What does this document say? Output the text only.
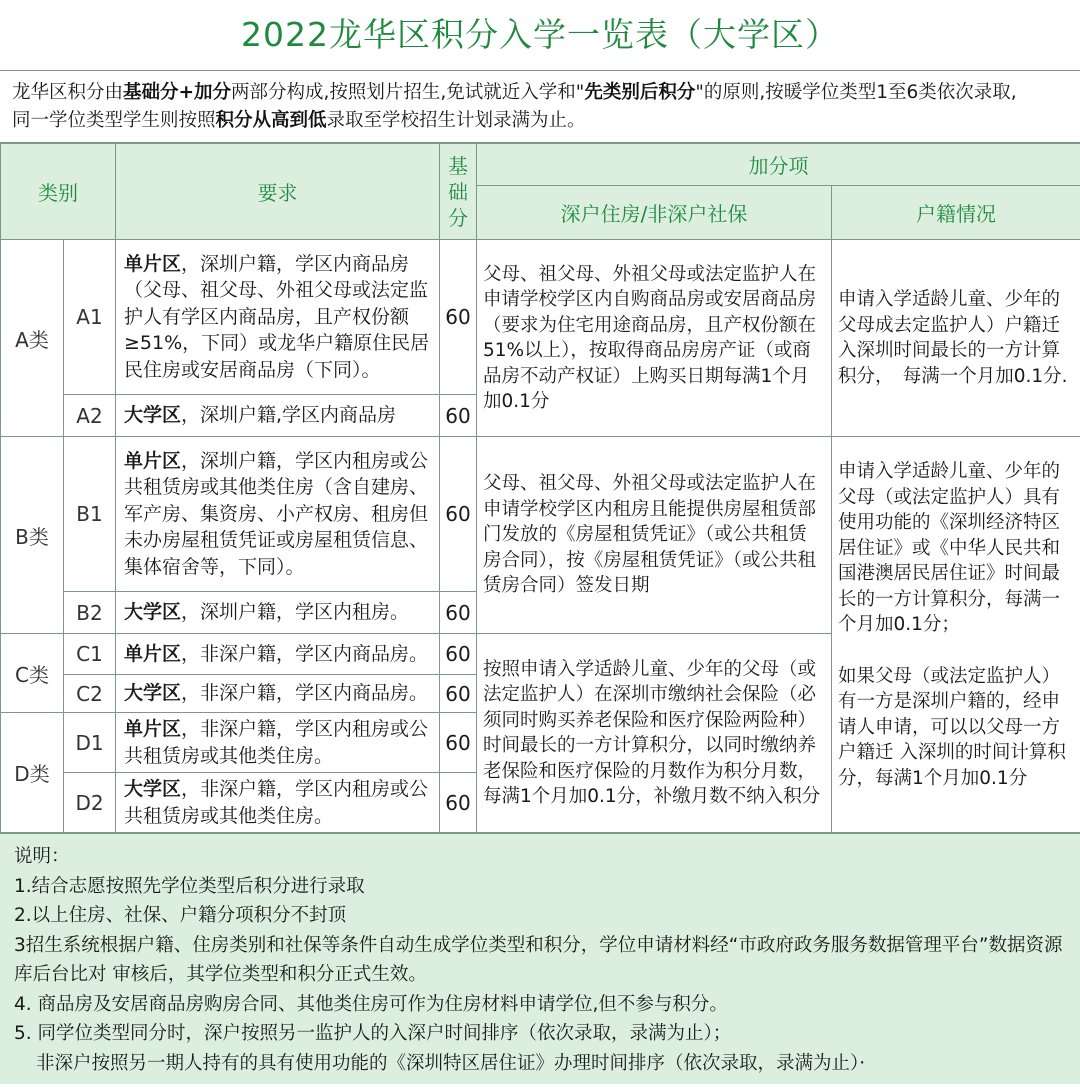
2022龙华区积分入学一览表（大学区）
龙华区积分由基础分+加分两部分构成,按照划片招生,免试就近入学和"先类别后积分"的原则,按暖学位类型1至6类依次录取,
同一学位类型学生则按照积分从高到低录取至学校招生计划录满为止。
类别		要求	基础分	加分项	
				深户住房/非深户社保	户籍情况
A类	A1	单片区，深圳户籍，学区内商品房（父母、祖父母、外祖父母或法定监护人有学区内商品房，且产权份额≥51%，下同）或龙华户籍原住民居民住房或安居商品房（下同）。	60	父母、祖父母、外祖父母或法定监护人在申请学校学区内自购商品房或安居商品房（要求为住宅用途商品房，且产权份额在51%以上），按取得商品房房产证（或商品房不动产权证）上购买日期每满1个月加0.1分	申请入学适龄儿童、少年的父母成去定监护人）户籍迁入深圳时间最长的一方计算积分，　每满一个月加0.1分.
	A2	大学区，深圳户籍,学区内商品房	60		
B类	B1	单片区，深圳户籍，学区内租房或公共租赁房或其他类住房（含自建房、军产房、集资房、小产权房、租房但未办房屋租赁凭证或房屋租赁信息、集体宿舍等，下同）。	60	父母、祖父母、外祖父母或法定监护人在申请学校学区内租房且能提供房屋租赁部门发放的《房屋租赁凭证》（或公共租赁房合同），按《房屋租赁凭证》（或公共租赁房合同）签发日期	申请入学适龄儿童、少年的父母（或法定监护人）具有使用功能的《深圳经济特区居住证》或《中华人民共和国港澳居民居住证》时间最长的一方计算积分，每满一个月加0.1分；
如果父母（或法定监护人）有一方是深圳户籍的，经申请人申请，可以以父母一方户籍迁 入深圳的时间计算积分，每满1个月加0.1分

	B2	大学区，深圳户籍，学区内租房。	60		
C类	C1	单片区，非深户籍，学区内商品房。	60	按照申请入学适龄儿童、少年的父母（或法定监护人）在深圳市缴纳社会保险（必须同时购买养老保险和医疗保险两险种）时间最长的一方计算积分，以同时缴纳养老保险和医疗保险的月数作为积分月数，每满1个月加0.1分，补缴月数不纳入积分	
	C2	大学区，非深户籍，学区内商品房。	60		
D类	D1	单片区，非深户籍，学区内租房或公共租赁房或其他类住房。	60		
	D2	大学区，非深户籍，学区内租房或公共租赁房或其他类住房。	60		
说明：
1.结合志愿按照先学位类型后积分进行录取
2.以上住房、社保、户籍分项积分不封顶
3招生系统根据户籍、住房类别和社保等条件自动生成学位类型和积分，学位申请材料经“市政府政务服务数据管理平台”数据资源库后台比对 审核后，其学位类型和积分正式生效。
4. 商品房及安居商品房购房合同、其他类住房可作为住房材料申请学位,但不参与积分。
5. 同学位类型同分时，深户按照另一监护人的入深户时间排序（依次录取，录满为止）；
非深户按照另一期人持有的具有使用功能的《深圳特区居住证》办理时间排序（依次录取，录满为止）·
